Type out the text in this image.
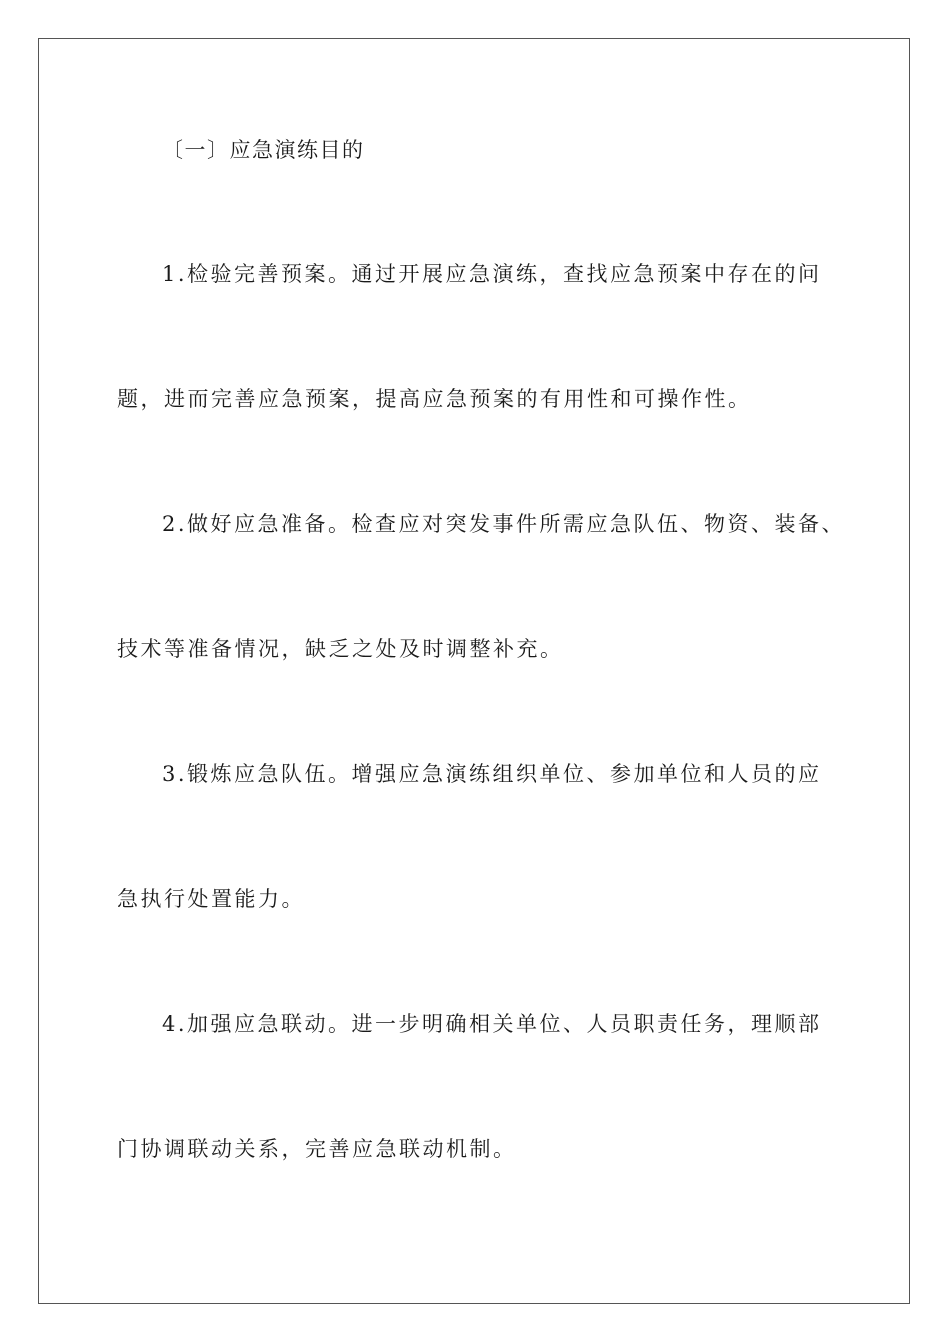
〔一〕应急演练目的
1.检验完善预案。通过开展应急演练，查找应急预案中存在的问
题，进而完善应急预案，提高应急预案的有用性和可操作性。
2.做好应急准备。检查应对突发事件所需应急队伍、物资、装备、
技术等准备情况，缺乏之处及时调整补充。
3.锻炼应急队伍。增强应急演练组织单位、参加单位和人员的应
急执行处置能力。
4.加强应急联动。进一步明确相关单位、人员职责任务，理顺部
门协调联动关系，完善应急联动机制。
